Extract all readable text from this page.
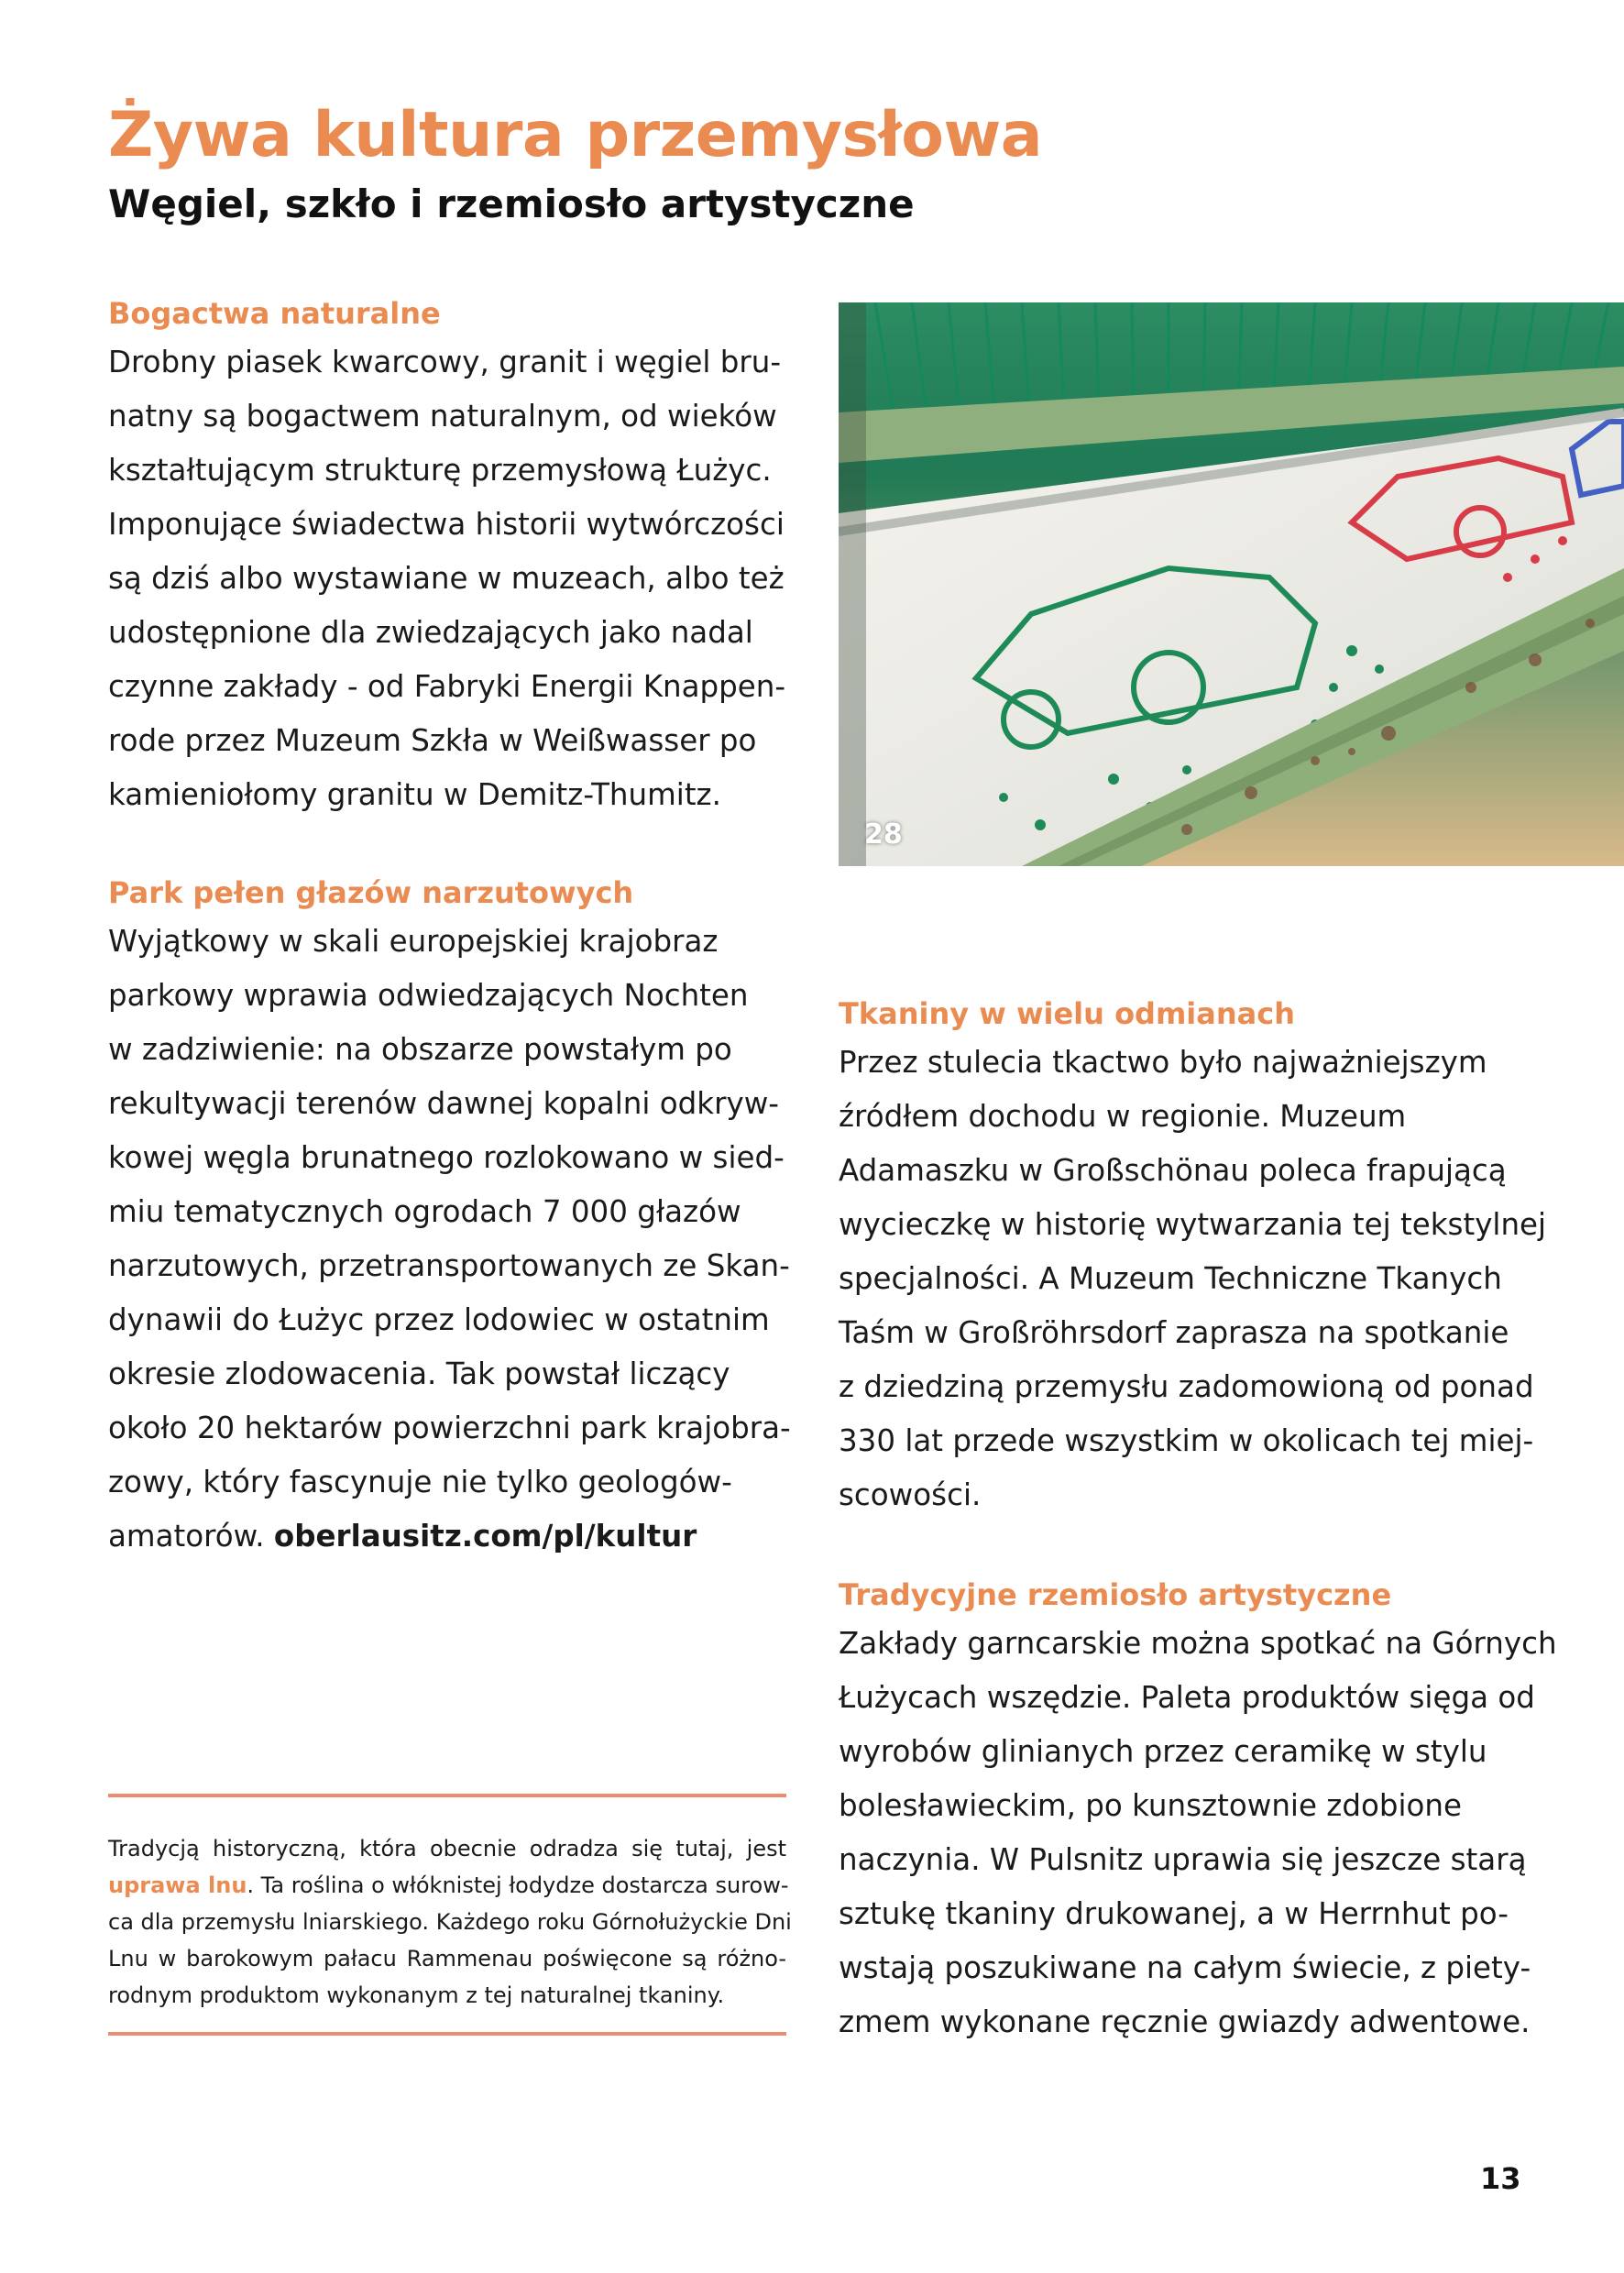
Żywa kultura przemysłowa
Węgiel, szkło i rzemiosło artystyczne

Bogactwa naturalne

Drobny piasek kwarcowy, granit i węgiel bru-
natny są bogactwem naturalnym, od wieków
kształtującym strukturę przemysłową Łużyc.
Imponujące świadectwa historii wytwórczości
są dziś albo wystawiane w muzeach, albo też
udostępnione dla zwiedzających jako nadal
czynne zakłady - od Fabryki Energii Knappen-
rode przez Muzeum Szkła w Weißwasser po
kamieniołomy granitu w Demitz-Thumitz.

Park pełen głazów narzutowych

Wyjątkowy w skali europejskiej krajobraz
parkowy wprawia odwiedzających Nochten
w zadziwienie: na obszarze powstałym po
rekultywacji terenów dawnej kopalni odkryw-
kowej węgla brunatnego rozlokowano w sied-
miu tematycznych ogrodach 7 000 głazów
narzutowych, przetransportowanych ze Skan-
dynawii do Łużyc przez lodowiec w ostatnim
okresie zlodowacenia. Tak powstał liczący
około 20 hektarów powierzchni park krajobra-
zowy, który fascynuje nie tylko geologów-
amatorów. oberlausitz.com/pl/kultur
28

Tkaniny w wielu odmianach

Przez stulecia tkactwo było najważniejszym
źródłem dochodu w regionie. Muzeum
Adamaszku w Großschönau poleca frapującą
wycieczkę w historię wytwarzania tej tekstylnej
specjalności. A Muzeum Techniczne Tkanych
Taśm w Großröhrsdorf zaprasza na spotkanie
z dziedziną przemysłu zadomowioną od ponad
330 lat przede wszystkim w okolicach tej miej-
scowości.

Tradycyjne rzemiosło artystyczne

Zakłady garncarskie można spotkać na Górnych
Łużycach wszędzie. Paleta produktów sięga od
wyrobów glinianych przez ceramikę w stylu
bolesławieckim, po kunsztownie zdobione
naczynia. W Pulsnitz uprawia się jeszcze starą
sztukę tkaniny drukowanej, a w Herrnhut po-
wstają poszukiwane na całym świecie, z piety-
zmem wykonane ręcznie gwiazdy adwentowe.
Tradycją historyczną, która obecnie odradza się tutaj, jest
uprawa lnu. Ta roślina o włóknistej łodydze dostarcza surow-
ca dla przemysłu lniarskiego. Każdego roku Górnołużyckie Dni
Lnu w barokowym pałacu Rammenau poświęcone są różno-
rodnym produktom wykonanym z tej naturalnej tkaniny.
13
